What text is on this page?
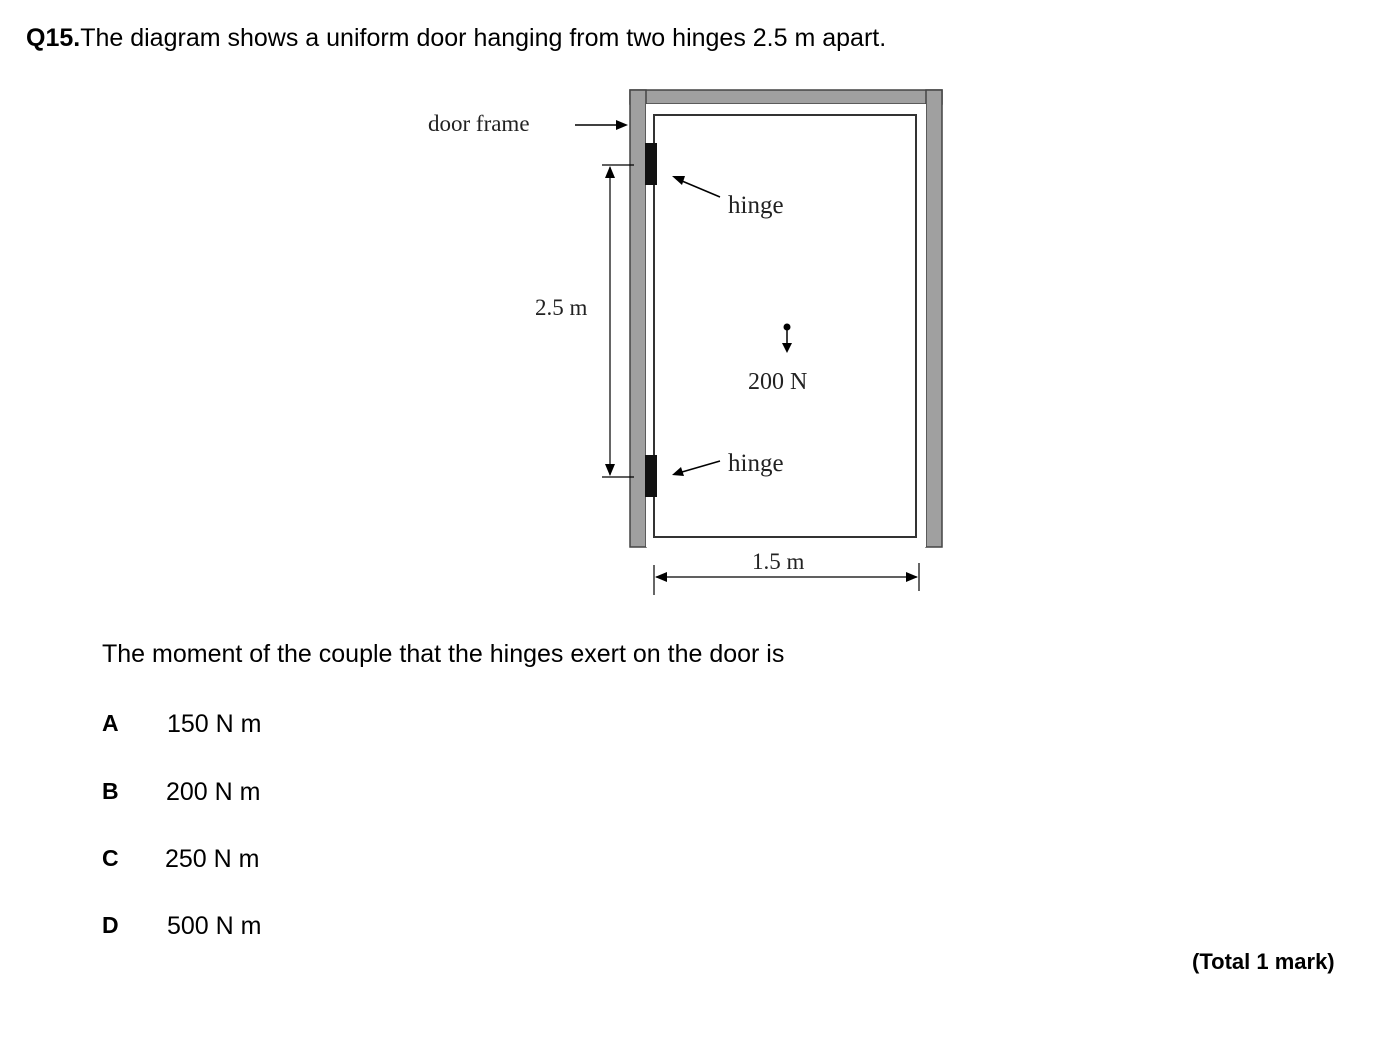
Q15.The diagram shows a uniform door hanging from two hinges 2.5 m apart.
door frame
2.5 m
hinge
hinge
200 N
1.5 m
The moment of the couple that the hinges exert on the door is
A 150 N m
B 200 N m
C 250 N m
D 500 N m
(Total 1 mark)
